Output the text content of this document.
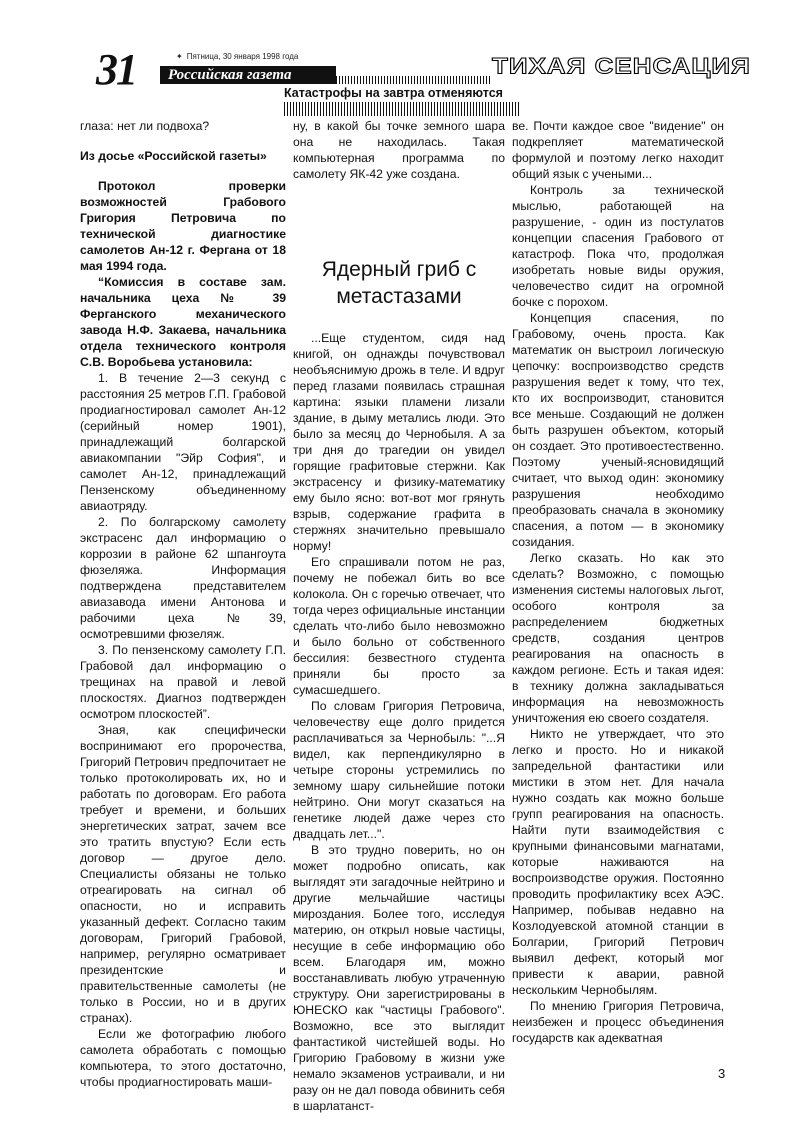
31	✦ Пятница, 30 января 1998 года
Российская газета	ТИХАЯ СЕНСАЦИЯ
Катастрофы на завтра отменяются

глаза: нет ли подвоха?

Из досье «Российской газеты»

Протокол проверки возможностей Грабового Григория Петровича по технической диагностике самолетов Ан-12 г. Фергана от 18 мая 1994 года.

“Комиссия в составе зам. начальника цеха № 39 Ферганского механического завода Н.Ф. Закаева, начальника отдела технического контроля С.В. Воробьева установила:

1. В течение 2—3 секунд с расстояния 25 метров Г.П. Грабовой продиагностировал самолет Ан-12 (серийный номер 1901), принадлежащий болгарской авиакомпании "Эйр София", и самолет Ан-12, принадлежащий Пензенскому объединенному авиаотряду.

2. По болгарскому самолету экстрасенс дал информацию о коррозии в районе 62 шпангоута фюзеляжа. Информация подтверждена представителем авиазавода имени Антонова и рабочими цеха №39, осмотревшими фюзеляж.

3. По пензенскому самолету Г.П. Грабовой дал информацию о трещинах на правой и левой плоскостях. Диагноз подтвержден осмотром плоскостей”.

Зная, как специфически воспринимают его пророчества, Григорий Петрович предпочитает не только протоколировать их, но и работать по договорам. Его работа требует и времени, и больших энергетических затрат, зачем все это тратить впустую? Если есть договор — другое дело. Специалисты обязаны не только отреагировать на сигнал об опасности, но и исправить указанный дефект. Согласно таким договорам, Григорий Грабовой, например, регулярно осматривает президентские и правительственные самолеты (не только в России, но и в других странах).

Если же фотографию любого самолета обработать с помощью компьютера, то этого достаточно, чтобы продиагностировать маши-

ну, в какой бы точке земного шара она не находилась. Такая компьютерная программа по самолету ЯК-42 уже создана.

Ядерный гриб с метастазами

...Еще студентом, сидя над книгой, он однажды почувствовал необъяснимую дрожь в теле. И вдруг перед глазами появилась страшная картина: языки пламени лизали здание, в дыму метались люди. Это было за месяц до Чернобыля. А за три дня до трагедии он увидел горящие графитовые стержни. Как экстрасенсу и физику-математику ему было ясно: вот-вот мог грянуть взрыв, содержание графита в стержнях значительно превышало норму!

Его спрашивали потом не раз, почему не побежал бить во все колокола. Он с горечью отвечает, что тогда через официальные инстанции сделать что-либо было невозможно и было больно от собственного бессилия: безвестного студента приняли бы просто за сумасшедшего.

По словам Григория Петровича, человечеству еще долго придется расплачиваться за Чернобыль: "...Я видел, как перпендикулярно в четыре стороны устремились по земному шару сильнейшие потоки нейтрино. Они могут сказаться на генетике людей даже через сто двадцать лет...".

В это трудно поверить, но он может подробно описать, как выглядят эти загадочные нейтрино и другие мельчайшие частицы мироздания. Более того, исследуя материю, он открыл новые частицы, несущие в себе информацию обо всем. Благодаря им, можно восстанавливать любую утраченную структуру. Они зарегистрированы в ЮНЕСКО как "частицы Грабового". Возможно, все это выглядит фантастикой чистейшей воды. Но Григорию Грабовому в жизни уже немало экзаменов устраивали, и ни разу он не дал повода обвинить себя в шарлатанст-

ве. Почти каждое свое "видение" он подкрепляет математической формулой и поэтому легко находит общий язык с учеными...

Контроль за технической мыслью, работающей на разрушение, - один из постулатов концепции спасения Грабового от катастроф. Пока что, продолжая изобретать новые виды оружия, человечество сидит на огромной бочке с порохом.

Концепция спасения, по Грабовому, очень проста. Как математик он выстроил логическую цепочку: воспроизводство средств разрушения ведет к тому, что тех, кто их воспроизводит, становится все меньше. Создающий не должен быть разрушен объектом, который он создает. Это противоестественно. Поэтому ученый-ясновидящий считает, что выход один: экономику разрушения необходимо преобразовать сначала в экономику спасения, а потом — в экономику созидания.

Легко сказать. Но как это сделать? Возможно, с помощью изменения системы налоговых льгот, особого контроля за распределением бюджетных средств, создания центров реагирования на опасность в каждом регионе. Есть и такая идея: в технику должна закладываться информация на невозможность уничтожения ею своего создателя.

Никто не утверждает, что это легко и просто. Но и никакой запредельной фантастики или мистики в этом нет. Для начала нужно создать как можно больше групп реагирования на опасность. Найти пути взаимодействия с крупными финансовыми магнатами, которые наживаются на воспроизводстве оружия. Постоянно проводить профилактику всех АЭС. Например, побывав недавно на Козлодуевской атомной станции в Болгарии, Григорий Петрович выявил дефект, который мог привести к аварии, равной нескольким Чернобылям.

По мнению Григория Петровича, неизбежен и процесс объединения государств как адекватная

3
